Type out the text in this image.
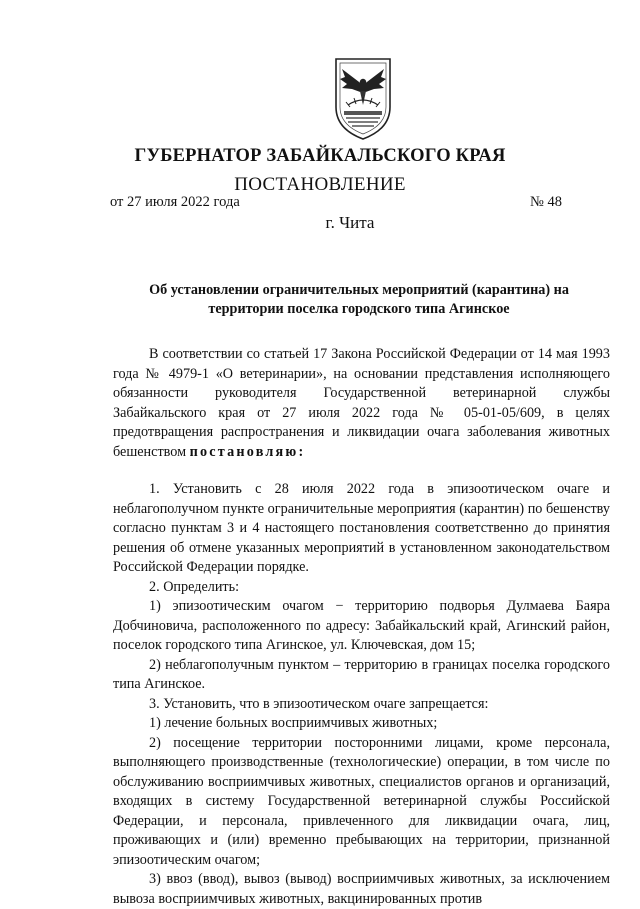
ГУБЕРНАТОР ЗАБАЙКАЛЬСКОГО КРАЯ
ПОСТАНОВЛЕНИЕ
от 27 июля 2022 года	№ 48
г. Чита
Об установлении ограничительных мероприятий (карантина) на территории поселка городского типа Агинское

В соответствии со статьей 17 Закона Российской Федерации от 14 мая 1993 года № 4979-1 «О ветеринарии», на основании представления исполняющего обязанности руководителя Государственной ветеринарной службы Забайкальского края от 27 июля 2022 года № 05-01-05/609, в целях предотвращения распространения и ликвидации очага заболевания животных бешенством постановляю:

1. Установить с 28 июля 2022 года в эпизоотическом очаге и неблагополучном пункте ограничительные мероприятия (карантин) по бешенству согласно пунктам 3 и 4 настоящего постановления соответственно до принятия решения об отмене указанных мероприятий в установленном законодательством Российской Федерации порядке.

2. Определить:

1) эпизоотическим очагом − территорию подворья Дулмаева Баяра Добчиновича, расположенного по адресу: Забайкальский край, Агинский район, поселок городского типа Агинское, ул. Ключевская, дом 15;

2) неблагополучным пунктом – территорию в границах поселка городского типа Агинское.

3. Установить, что в эпизоотическом очаге запрещается:

1) лечение больных восприимчивых животных;

2) посещение территории посторонними лицами, кроме персонала, выполняющего производственные (технологические) операции, в том числе по обслуживанию восприимчивых животных, специалистов органов и организаций, входящих в систему Государственной ветеринарной службы Российской Федерации, и персонала, привлеченного для ликвидации очага, лиц, проживающих и (или) временно пребывающих на территории, признанной эпизоотическим очагом;

3) ввоз (ввод), вывоз (вывод) восприимчивых животных, за исключением вывоза восприимчивых животных, вакцинированных против
